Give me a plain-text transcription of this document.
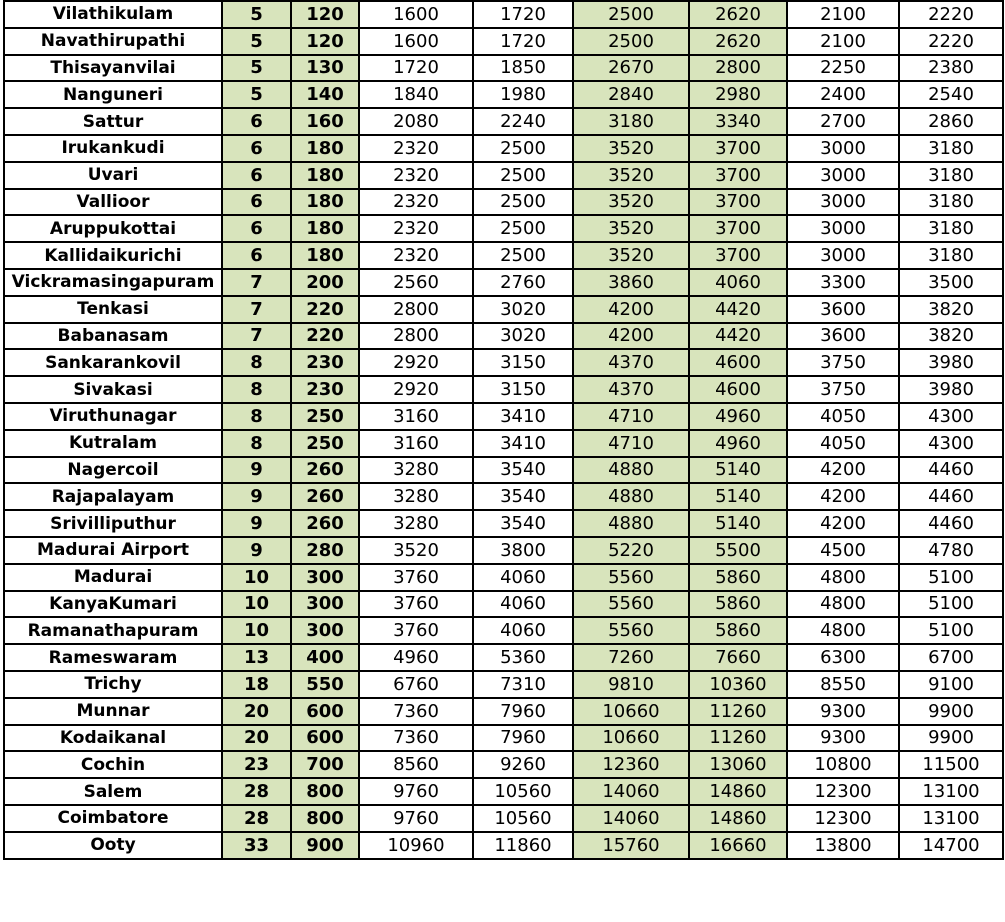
Vilathikulam	5	120	1600	1720	2500	2620	2100	2220
Navathirupathi	5	120	1600	1720	2500	2620	2100	2220
Thisayanvilai	5	130	1720	1850	2670	2800	2250	2380
Nanguneri	5	140	1840	1980	2840	2980	2400	2540
Sattur	6	160	2080	2240	3180	3340	2700	2860
Irukankudi	6	180	2320	2500	3520	3700	3000	3180
Uvari	6	180	2320	2500	3520	3700	3000	3180
Vallioor	6	180	2320	2500	3520	3700	3000	3180
Aruppukottai	6	180	2320	2500	3520	3700	3000	3180
Kallidaikurichi	6	180	2320	2500	3520	3700	3000	3180
Vickramasingapuram	7	200	2560	2760	3860	4060	3300	3500
Tenkasi	7	220	2800	3020	4200	4420	3600	3820
Babanasam	7	220	2800	3020	4200	4420	3600	3820
Sankarankovil	8	230	2920	3150	4370	4600	3750	3980
Sivakasi	8	230	2920	3150	4370	4600	3750	3980
Viruthunagar	8	250	3160	3410	4710	4960	4050	4300
Kutralam	8	250	3160	3410	4710	4960	4050	4300
Nagercoil	9	260	3280	3540	4880	5140	4200	4460
Rajapalayam	9	260	3280	3540	4880	5140	4200	4460
Srivilliputhur	9	260	3280	3540	4880	5140	4200	4460
Madurai Airport	9	280	3520	3800	5220	5500	4500	4780
Madurai	10	300	3760	4060	5560	5860	4800	5100
KanyaKumari	10	300	3760	4060	5560	5860	4800	5100
Ramanathapuram	10	300	3760	4060	5560	5860	4800	5100
Rameswaram	13	400	4960	5360	7260	7660	6300	6700
Trichy	18	550	6760	7310	9810	10360	8550	9100
Munnar	20	600	7360	7960	10660	11260	9300	9900
Kodaikanal	20	600	7360	7960	10660	11260	9300	9900
Cochin	23	700	8560	9260	12360	13060	10800	11500
Salem	28	800	9760	10560	14060	14860	12300	13100
Coimbatore	28	800	9760	10560	14060	14860	12300	13100
Ooty	33	900	10960	11860	15760	16660	13800	14700
